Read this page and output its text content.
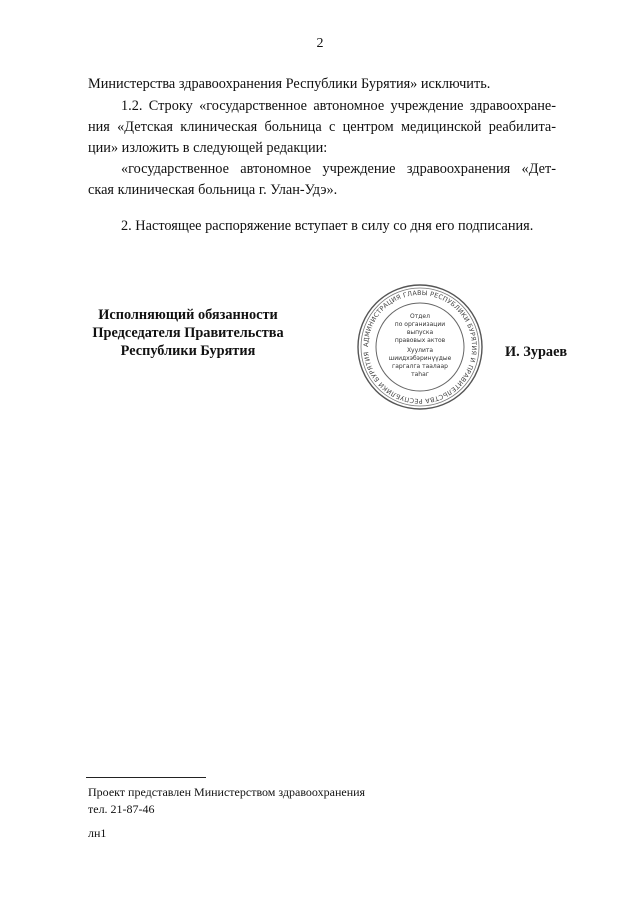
2
Министерства здравоохранения Республики Бурятия» исключить.
1.2. Строку «государственное автономное учреждение здравоохране-
ния «Детская клиническая больница с центром медицинской реабилита-
ции» изложить в следующей редакции:
«государственное автономное учреждение здравоохранения «Дет-
ская клиническая больница г. Улан-Удэ».
2. Настоящее распоряжение вступает в силу со дня его подписания.
Исполняющий обязанности
Председателя Правительства
Республики Бурятия	АДМИНИСТРАЦИЯ ГЛАВЫ РЕСПУБЛИКИ БУРЯТИЯ И ПРАВИТЕЛЬСТВА РЕСПУБЛИКИ БУРЯТИЯ
Отдел
по организации
выпуска
правовых актов
Хуулита
шиидхэбэринүүдые
гаргалга таалаар
таһаг
И. Зураев
Проект представлен Министерством здравоохранения
тел. 21-87-46
лн1
